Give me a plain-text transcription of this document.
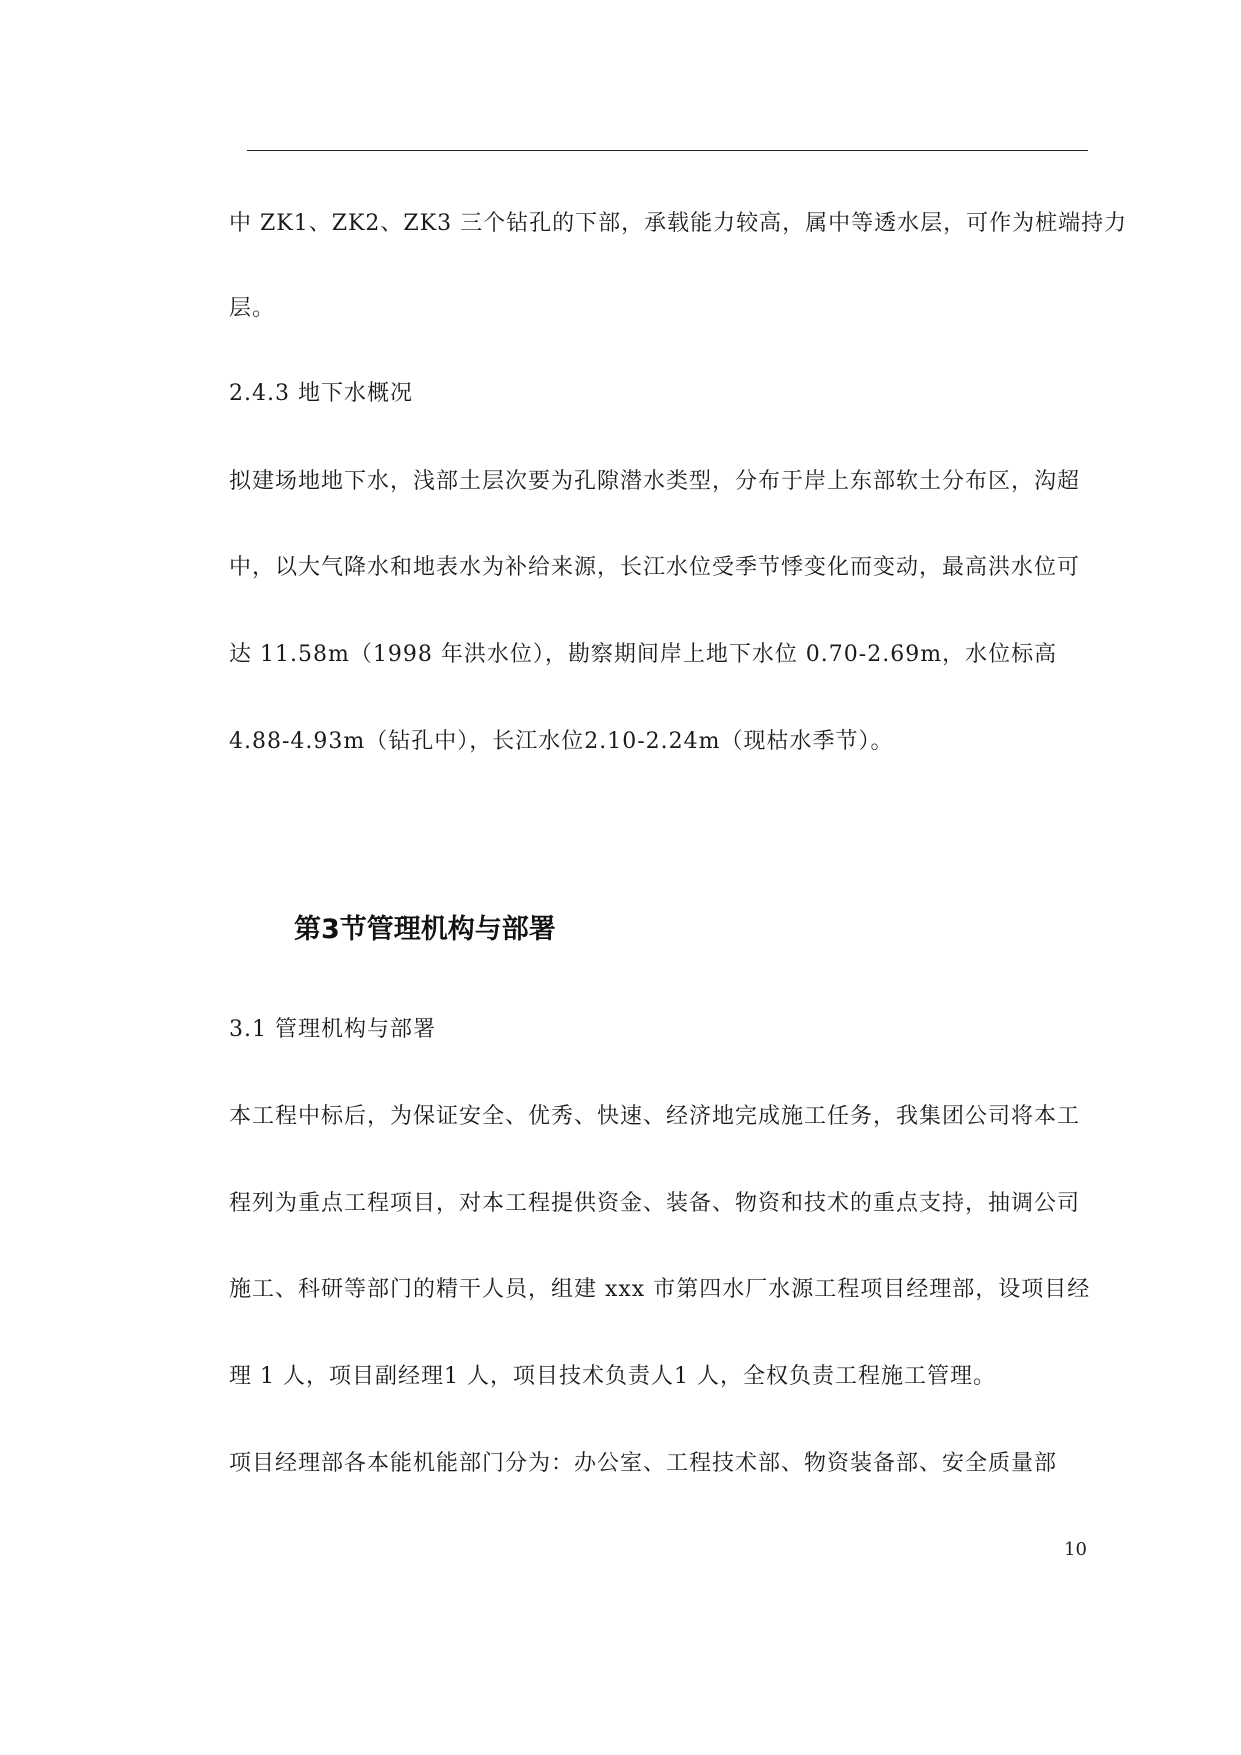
中 ZK1、ZK2、ZK3 三个钻孔的下部，承载能力较高，属中等透水层，可作为桩端持力
层。
2.4.3 地下水概况
拟建场地地下水，浅部土层次要为孔隙潜水类型，分布于岸上东部软土分布区，沟超
中，以大气降水和地表水为补给来源，长江水位受季节悸变化而变动，最高洪水位可
达 11.58m（1998 年洪水位），勘察期间岸上地下水位 0.70-2.69m，水位标高
4.88-4.93m（钻孔中），长江水位2.10-2.24m（现枯水季节）。
第3节管理机构与部署
3.1 管理机构与部署
本工程中标后，为保证安全、优秀、快速、经济地完成施工任务，我集团公司将本工
程列为重点工程项目，对本工程提供资金、装备、物资和技术的重点支持，抽调公司
施工、科研等部门的精干人员，组建 xxx 市第四水厂水源工程项目经理部，设项目经
理 1 人，项目副经理1 人，项目技术负责人1 人，全权负责工程施工管理。
项目经理部各本能机能部门分为：办公室、工程技术部、物资装备部、安全质量部
10
